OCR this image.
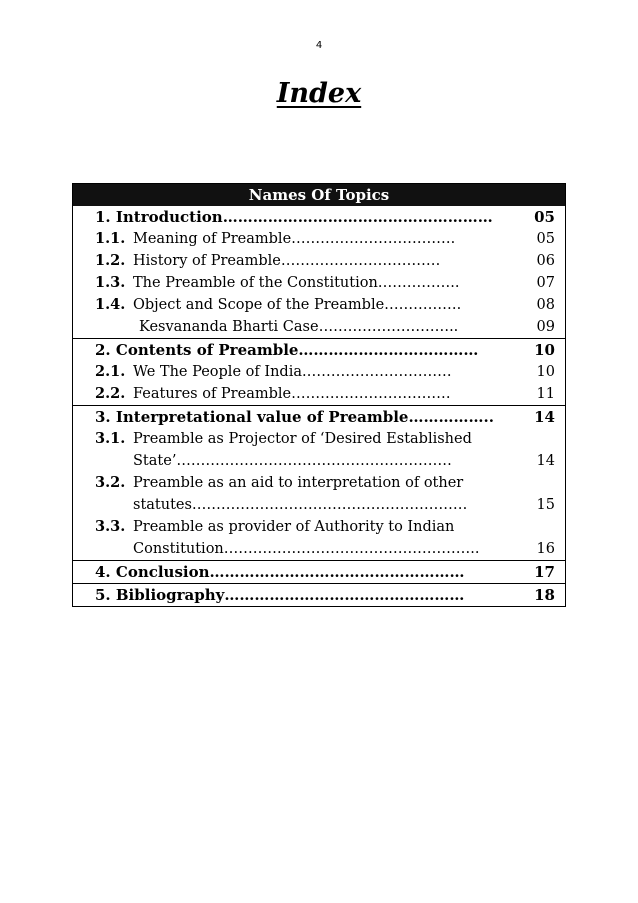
4
Index
Names Of Topics
1. Introduction………………………………………………	05
1.1. Meaning of Preamble…………………………….	05
1.2. History of Preamble……………………………	06
1.3. The Preamble of the Constitution……………..	07
1.4. Object and Scope of the Preamble…………….	08
Kesvananda Bharti Case………………………..	09
2. Contents of Preamble………………………………	10
2.1. We The People of India.…………………………	10
2.2. Features of Preamble……………………………	11
3. Interpretational value of Preamble……………..	14
3.1. Preamble as Projector of ‘Desired Established
State’…………………………………………………	14
3.2. Preamble as an aid to interpretation of other
statutes…………………………………………………	15
3.3. Preamble as provider of Authority to Indian
Constitution……………………………………………..	16
4. Conclusion……………………………………………	17
5. Bibliography…………………………………………	18
